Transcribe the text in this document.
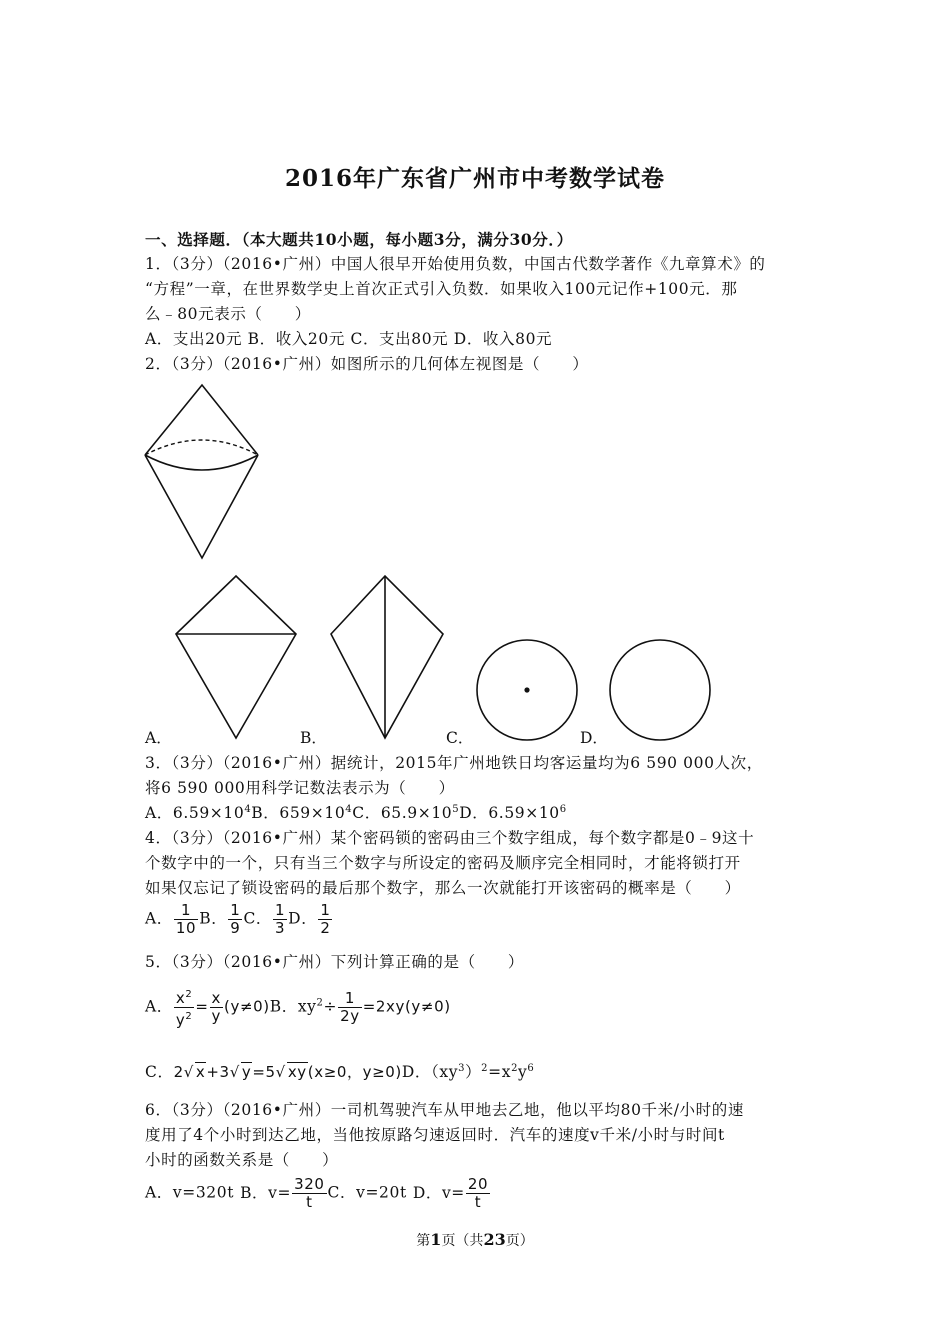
2016年广东省广州市中考数学试卷
一、选择题．（本大题共10小题，每小题3分，满分30分．）
1．（3分）（2016•广州）中国人很早开始使用负数，中国古代数学著作《九章算术》的
“方程”一章，在世界数学史上首次正式引入负数．如果收入100元记作+100元．那
么﹣80元表示（　　）
A．支出20元 B．收入20元 C．支出80元 D．收入80元
2．（3分）（2016•广州）如图所示的几何体左视图是（　　）
A．	B．	C．	D．
3．（3分）（2016•广州）据统计，2015年广州地铁日均客运量均为6 590 000人次，
将6 590 000用科学记数法表示为（　　）
A．$6.59\times 10^4B$．$659\times 10^4C$．$65.9\times 10^5D$．$6.59\times 10^6$
4．（3分）（2016•广州）某个密码锁的密码由三个数字组成，每个数字都是0﹣9这十
个数字中的一个，只有当三个数字与所设定的密码及顺序完全相同时，才能将锁打开
如果仅忘记了锁设密码的最后那个数字，那么一次就能打开该密码的概率是（　　）
A． $\frac{1}{10}$ B． $\frac{1}{9}$ C． $\frac{1}{3}$ D． $\frac{1}{2}$
5．（3分）（2016•广州）下列计算正确的是（　　）
A． $\frac{x^2}{y^2} = \frac{x}{y} (y\ne 0)B$．$xy^2\div \frac{1}{2y} =2xy(y\ne 0)$
C．2√ x+3√ y=5√ xy(x≥0，y≥0)D．$(xy^3)^2=x^2y^6$
6．（3分）（2016•广州）一司机驾驶汽车从甲地去乙地，他以平均80千米/小时的速
度用了4个小时到达乙地，当他按原路匀速返回时．汽车的速度v千米/小时与时间t
小时的函数关系是（　　）
A．v=320t B．$v= \frac{320}{t}$ C．v=20t D．$v= \frac{20}{t}$
第1页（共23页）
